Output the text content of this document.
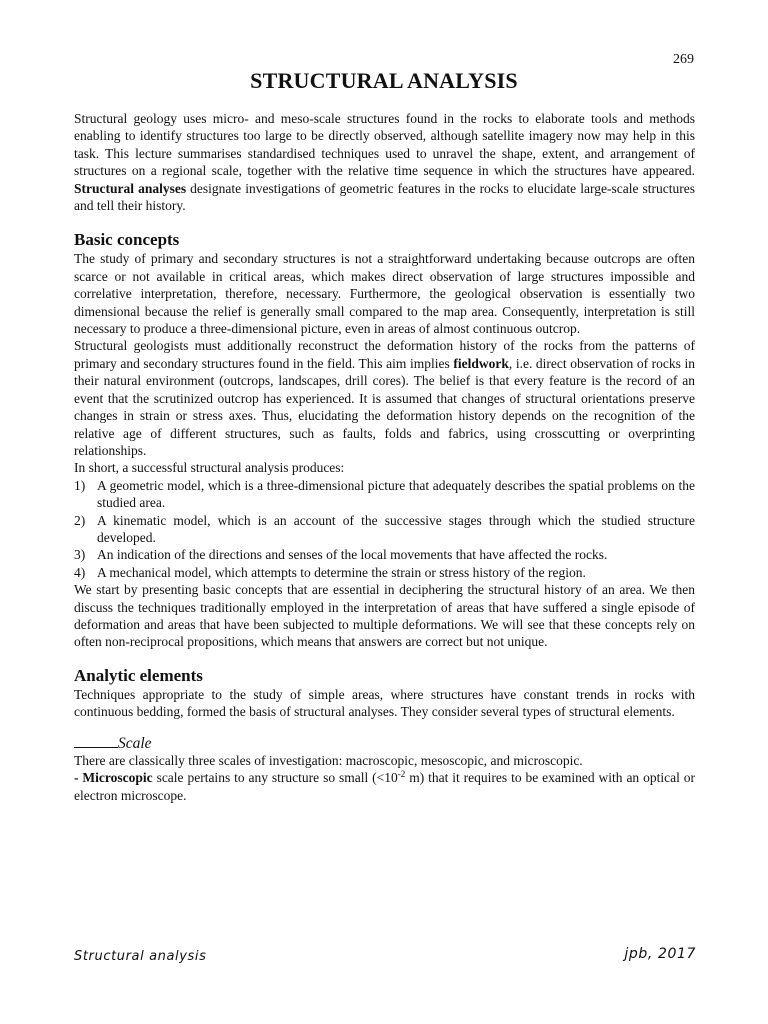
269
STRUCTURAL ANALYSIS

Structural geology uses micro- and meso-scale structures found in the rocks to elaborate tools and methods enabling to identify structures too large to be directly observed, although satellite imagery now may help in this task. This lecture summarises standardised techniques used to unravel the shape, extent, and arrangement of structures on a regional scale, together with the relative time sequence in which the structures have appeared. Structural analyses designate investigations of geometric features in the rocks to elucidate large-scale structures and tell their history.

Basic concepts

The study of primary and secondary structures is not a straightforward undertaking because outcrops are often scarce or not available in critical areas, which makes direct observation of large structures impossible and correlative interpretation, therefore, necessary. Furthermore, the geological observation is essentially two dimensional because the relief is generally small compared to the map area. Consequently, interpretation is still necessary to produce a three-dimensional picture, even in areas of almost continuous outcrop.

Structural geologists must additionally reconstruct the deformation history of the rocks from the patterns of primary and secondary structures found in the field. This aim implies fieldwork, i.e. direct observation of rocks in their natural environment (outcrops, landscapes, drill cores). The belief is that every feature is the record of an event that the scrutinized outcrop has experienced. It is assumed that changes of structural orientations preserve changes in strain or stress axes. Thus, elucidating the deformation history depends on the recognition of the relative age of different structures, such as faults, folds and fabrics, using crosscutting or overprinting relationships.

In short, a successful structural analysis produces:

1) A geometric model, which is a three-dimensional picture that adequately describes the spatial problems on the studied area.
2) A kinematic model, which is an account of the successive stages through which the studied structure developed.
3) An indication of the directions and senses of the local movements that have affected the rocks.
4) A mechanical model, which attempts to determine the strain or stress history of the region.

We start by presenting basic concepts that are essential in deciphering the structural history of an area. We then discuss the techniques traditionally employed in the interpretation of areas that have suffered a single episode of deformation and areas that have been subjected to multiple deformations. We will see that these concepts rely on often non-reciprocal propositions, which means that answers are correct but not unique.

Analytic elements

Techniques appropriate to the study of simple areas, where structures have constant trends in rocks with continuous bedding, formed the basis of structural analyses. They consider several types of structural elements.

Scale

There are classically three scales of investigation: macroscopic, mesoscopic, and microscopic.

- Microscopic scale pertains to any structure so small ($<10^{-2}$ m) that it requires to be examined with an optical or electron microscope.

Structural analysis	jpb, 2017
